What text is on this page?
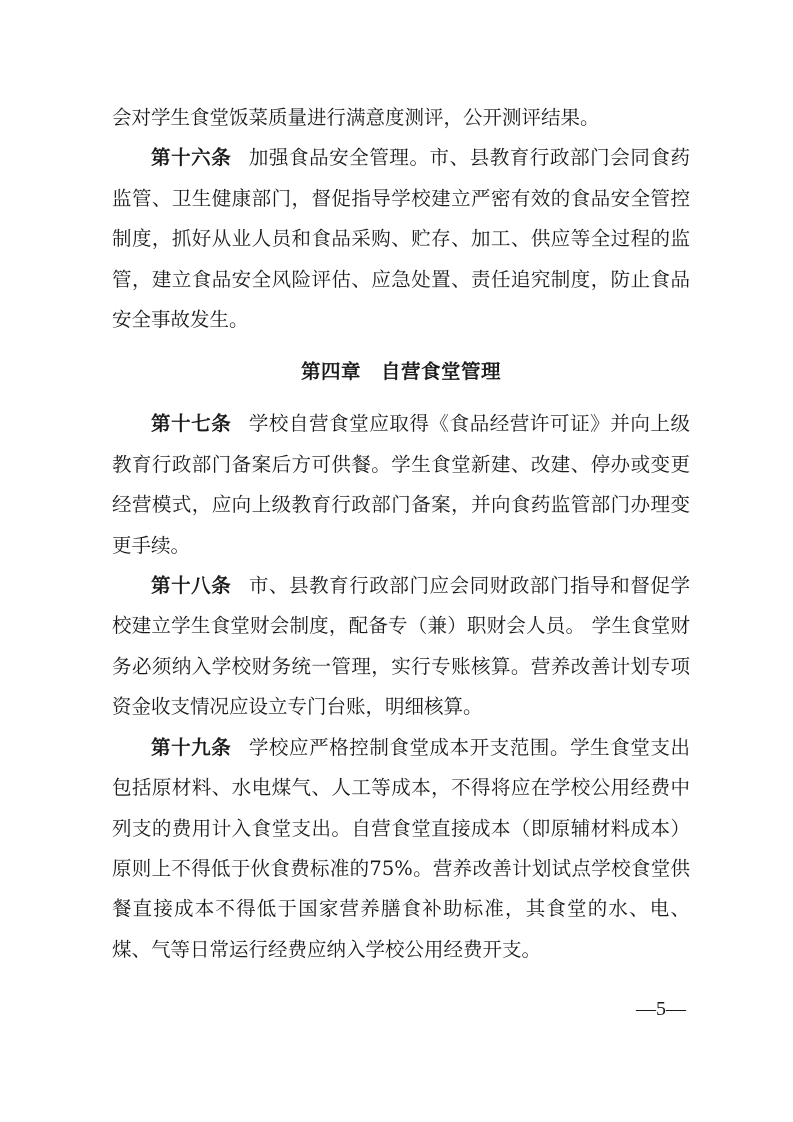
会对学生食堂饭菜质量进行满意度测评，公开测评结果。

第十六条 加强食品安全管理。市、县教育行政部门会同食药监管、卫生健康部门，督促指导学校建立严密有效的食品安全管控制度，抓好从业人员和食品采购、贮存、加工、供应等全过程的监管，建立食品安全风险评估、应急处置、责任追究制度，防止食品安全事故发生。

第四章　自营食堂管理

第十七条 学校自营食堂应取得《食品经营许可证》并向上级教育行政部门备案后方可供餐。学生食堂新建、改建、停办或变更经营模式，应向上级教育行政部门备案，并向食药监管部门办理变更手续。

第十八条 市、县教育行政部门应会同财政部门指导和督促学校建立学生食堂财会制度，配备专（兼）职财会人员。 学生食堂财务必须纳入学校财务统一管理，实行专账核算。营养改善计划专项资金收支情况应设立专门台账，明细核算。

第十九条 学校应严格控制食堂成本开支范围。学生食堂支出包括原材料、水电煤气、人工等成本，不得将应在学校公用经费中列支的费用计入食堂支出。自营食堂直接成本（即原辅材料成本）原则上不得低于伙食费标准的75%。营养改善计划试点学校食堂供餐直接成本不得低于国家营养膳食补助标准，其食堂的水、电、煤、气等日常运行经费应纳入学校公用经费开支。

—5—
